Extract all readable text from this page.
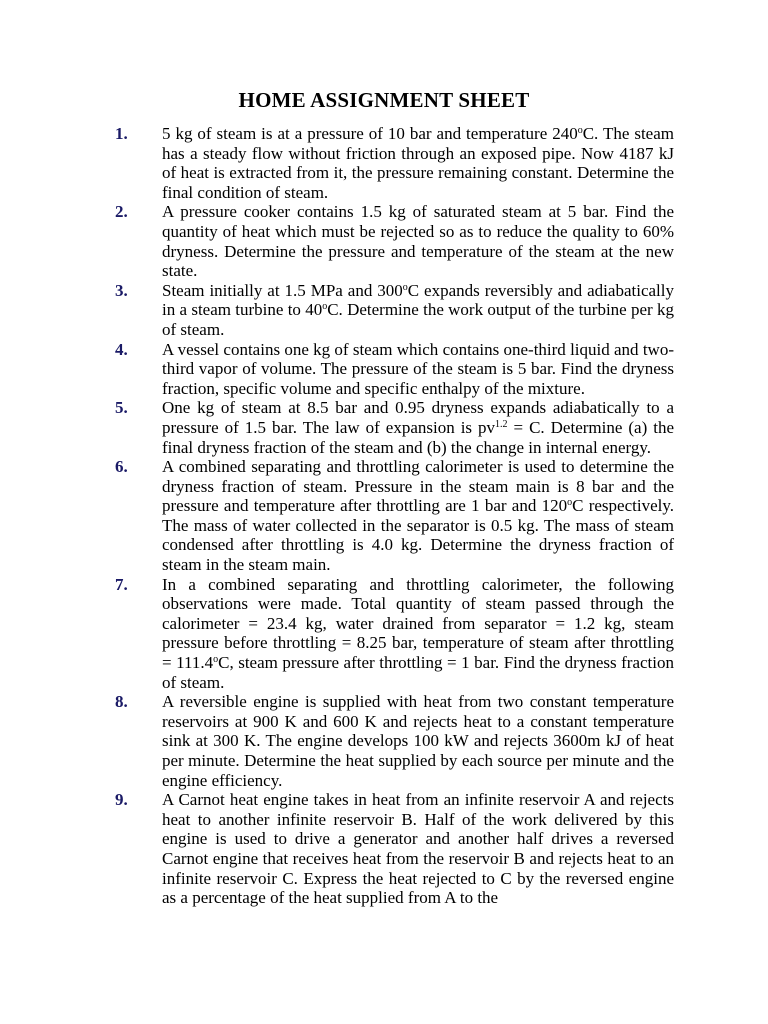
HOME ASSIGNMENT SHEET
1. 5 kg of steam is at a pressure of 10 bar and temperature 240$^o$C. The steam has a steady flow without friction through an exposed pipe. Now 4187 kJ of heat is extracted from it, the pressure remaining constant. Determine the final condition of steam.
2. A pressure cooker contains 1.5 kg of saturated steam at 5 bar. Find the quantity of heat which must be rejected so as to reduce the quality to 60% dryness. Determine the pressure and temperature of the steam at the new state.
3. Steam initially at 1.5 MPa and 300$^o$C expands reversibly and adiabatically in a steam turbine to 40$^o$C. Determine the work output of the turbine per kg of steam.
4. A vessel contains one kg of steam which contains one-third liquid and two-third vapor of volume. The pressure of the steam is 5 bar. Find the dryness fraction, specific volume and specific enthalpy of the mixture.
5. One kg of steam at 8.5 bar and 0.95 dryness expands adiabatically to a pressure of 1.5 bar. The law of expansion is $pv^{1.2} = C$. Determine (a) the final dryness fraction of the steam and (b) the change in internal energy.
6. A combined separating and throttling calorimeter is used to determine the dryness fraction of steam. Pressure in the steam main is 8 bar and the pressure and temperature after throttling are 1 bar and 120$^o$C respectively. The mass of water collected in the separator is 0.5 kg. The mass of steam condensed after throttling is 4.0 kg. Determine the dryness fraction of steam in the steam main.
7. In a combined separating and throttling calorimeter, the following observations were made. Total quantity of steam passed through the calorimeter = 23.4 kg, water drained from separator = 1.2 kg, steam pressure before throttling = 8.25 bar, temperature of steam after throttling = $111.4^oC$, steam pressure after throttling = 1 bar. Find the dryness fraction of steam.
8. A reversible engine is supplied with heat from two constant temperature reservoirs at 900 K and 600 K and rejects heat to a constant temperature sink at 300 K. The engine develops 100 kW and rejects 3600m kJ of heat per minute. Determine the heat supplied by each source per minute and the engine efficiency.
9. A Carnot heat engine takes in heat from an infinite reservoir A and rejects heat to another infinite reservoir B. Half of the work delivered by this engine is used to drive a generator and another half drives a reversed Carnot engine that receives heat from the reservoir B and rejects heat to an infinite reservoir C. Express the heat rejected to C by the reversed engine as a percentage of the heat supplied from A to the
